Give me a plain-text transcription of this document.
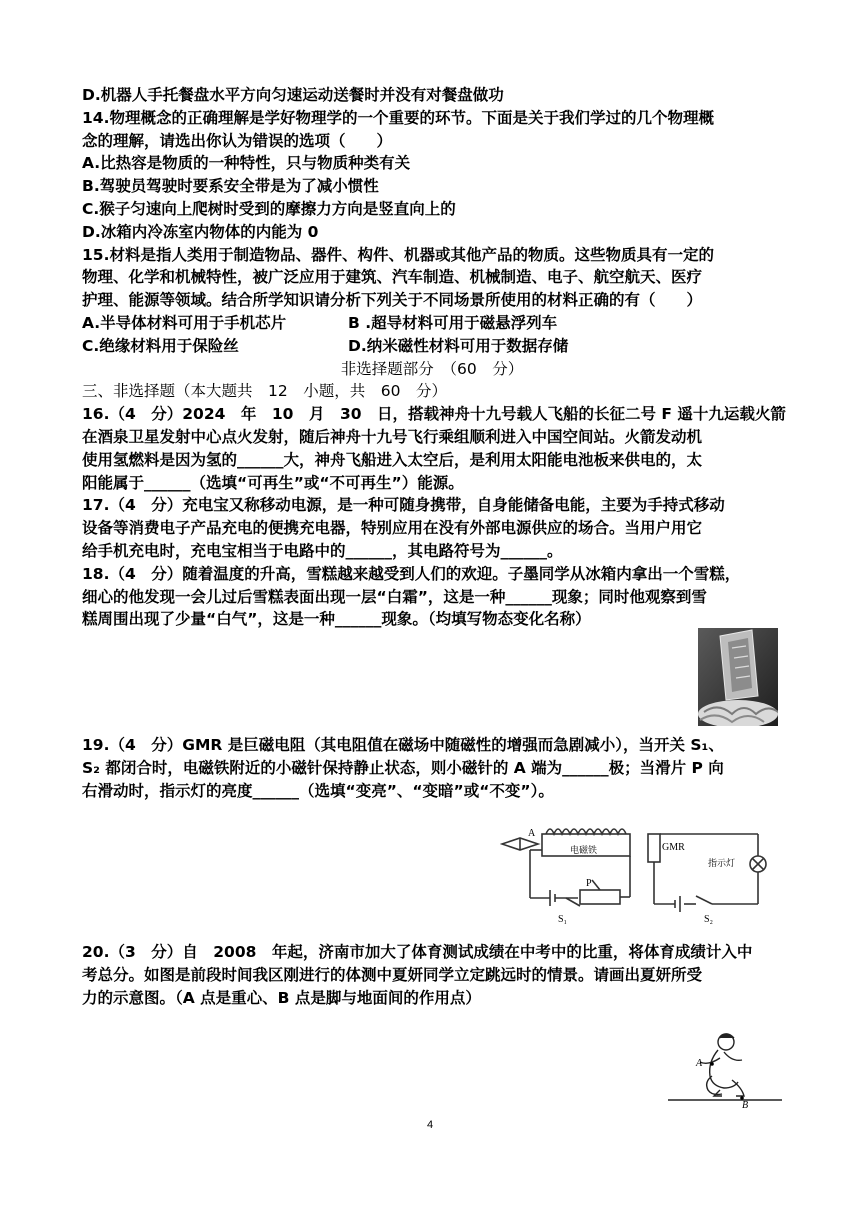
D.机器人手托餐盘水平方向匀速运动送餐时并没有对餐盘做功
14.物理概念的正确理解是学好物理学的一个重要的环节。下面是关于我们学过的几个物理概
念的理解，请选出你认为错误的选项（　　）
A.比热容是物质的一种特性，只与物质种类有关
B.驾驶员驾驶时要系安全带是为了减小惯性
C.猴子匀速向上爬树时受到的摩擦力方向是竖直向上的
D.冰箱内冷冻室内物体的内能为 0
15.材料是指人类用于制造物品、器件、构件、机器或其他产品的物质。这些物质具有一定的
物理、化学和机械特性，被广泛应用于建筑、汽车制造、机械制造、电子、航空航天、医疗
护理、能源等领域。结合所学知识请分析下列关于不同场景所使用的材料正确的有（　　）
A.半导体材料可用于手机芯片	B .超导材料可用于磁悬浮列车
C.绝缘材料用于保险丝	D.纳米磁性材料可用于数据存储
非选择题部分　（60　分）
三、非选择题（本大题共　12　小题，共　60　分）
16.（4　分）2024　年　10　月　30　日，搭载神舟十九号载人飞船的长征二号 F 遥十九运载火箭
在酒泉卫星发射中心点火发射，随后神舟十九号飞行乘组顺利进入中国空间站。火箭发动机
使用氢燃料是因为氢的______大，神舟飞船进入太空后，是利用太阳能电池板来供电的，太
阳能属于______（选填“可再生”或“不可再生”）能源。
17.（4　分）充电宝又称移动电源，是一种可随身携带，自身能储备电能，主要为手持式移动
设备等消费电子产品充电的便携充电器，特别应用在没有外部电源供应的场合。当用户用它
给手机充电时，充电宝相当于电路中的______，其电路符号为______。
18.（4　分）随着温度的升高，雪糕越来越受到人们的欢迎。子墨同学从冰箱内拿出一个雪糕，
细心的他发现一会儿过后雪糕表面出现一层“白霜”，这是一种______现象；同时他观察到雪
糕周围出现了少量“白气”，这是一种______现象。（均填写物态变化名称）
19.（4　分）GMR 是巨磁电阻（其电阻值在磁场中随磁性的增强而急剧减小），当开关 S₁、
S₂ 都闭合时，电磁铁附近的小磁针保持静止状态，则小磁针的 A 端为______极；当滑片 P 向
右滑动时，指示灯的亮度______（选填“变亮”、“变暗”或“不变”）。
A
电磁铁
P
S₁
GMR
指示灯
S₂
20.（3　分）自　2008　年起，济南市加大了体育测试成绩在中考中的比重，将体育成绩计入中
考总分。如图是前段时间我区刚进行的体测中夏妍同学立定跳远时的情景。请画出夏妍所受
力的示意图。（A 点是重心、B 点是脚与地面间的作用点）
A
B
4
